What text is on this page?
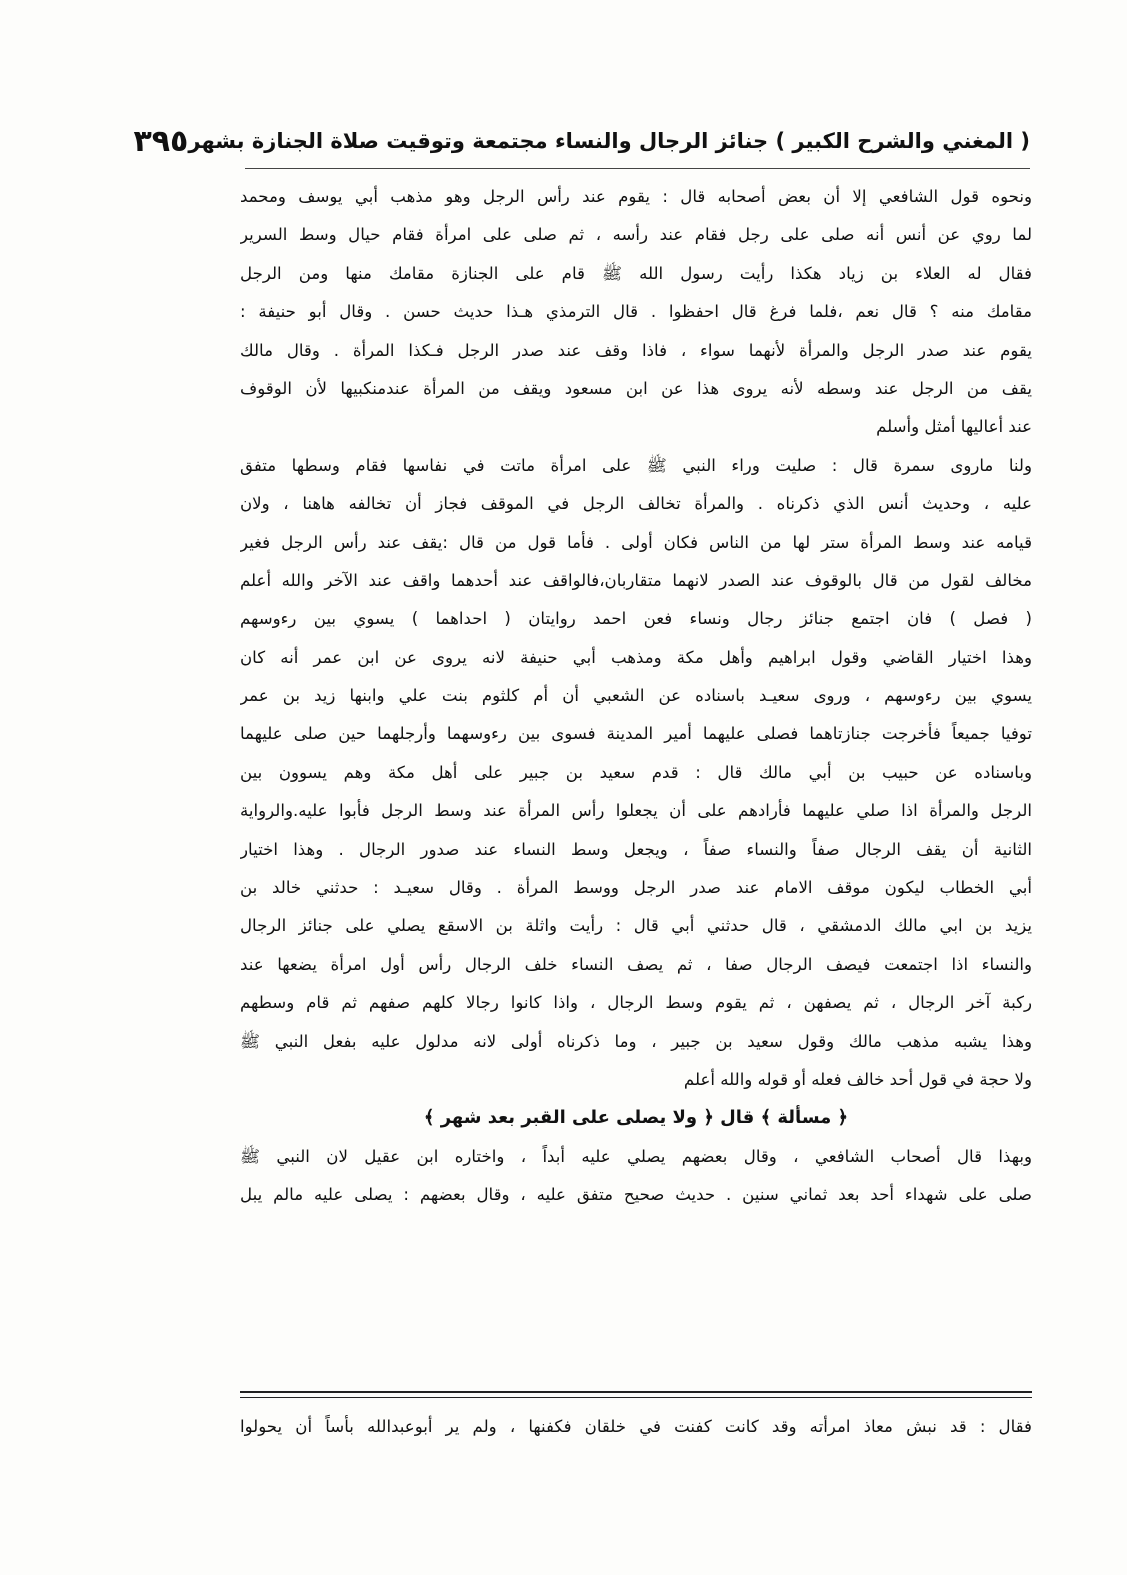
( المغني والشرح الكبير ) جنائز الرجال والنساء مجتمعة وتوقيت صلاة الجنازة بشهر
٣٩٥
ونحوه قول الشافعي إلا أن بعض أصحابه قال : يقوم عند رأس الرجل وهو مذهب أبي يوسف ومحمد
لما روي عن أنس أنه صلى على رجل فقام عند رأسه ، ثم صلى على امرأة فقام حيال وسط السرير
فقال له العلاء بن زياد هكذا رأيت رسول الله ﷺ قام على الجنازة مقامك منها ومن الرجل
مقامك منه ؟ قال نعم ،فلما فرغ قال احفظوا . قال الترمذي هـذا حديث حسن . وقال أبو حنيفة :
يقوم عند صدر الرجل والمرأة لأنهما سواء ، فاذا وقف عند صدر الرجل فـكذا المرأة . وقال مالك
يقف من الرجل عند وسطه لأنه يروى هذا عن ابن مسعود ويقف من المرأة عندمنكبيها لأن الوقوف
عند أعاليها أمثل وأسلم
ولنا ماروى سمرة قال : صليت وراء النبي ﷺ على امرأة ماتت في نفاسها فقام وسطها متفق
عليه ، وحديث أنس الذي ذكرناه . والمرأة تخالف الرجل في الموقف فجاز أن تخالفه هاهنا ، ولان
قيامه عند وسط المرأة ستر لها من الناس فكان أولى . فأما قول من قال :يقف عند رأس الرجل فغير
مخالف لقول من قال بالوقوف عند الصدر لانهما متقاربان،فالواقف عند أحدهما واقف عند الآخر والله أعلم
( فصل ) فان اجتمع جنائز رجال ونساء فعن احمد روايتان ( احداهما ) يسوي بين رءوسهم
وهذا اختيار القاضي وقول ابراهيم وأهل مكة ومذهب أبي حنيفة لانه يروى عن ابن عمر أنه كان
يسوي بين رءوسهم ، وروى سعيـد باسناده عن الشعبي أن أم كلثوم بنت علي وابنها زيد بن عمر
توفيا جميعاً فأخرجت جنازتاهما فصلى عليهما أمير المدينة فسوى بين رءوسهما وأرجلهما حين صلى عليهما
وباسناده عن حبيب بن أبي مالك قال : قدم سعيد بن جبير على أهل مكة وهم يسوون بين
الرجل والمرأة اذا صلي عليهما فأرادهم على أن يجعلوا رأس المرأة عند وسط الرجل فأبوا عليه.والرواية
الثانية أن يقف الرجال صفاً والنساء صفاً ، ويجعل وسط النساء عند صدور الرجال . وهذا اختيار
أبي الخطاب ليكون موقف الامام عند صدر الرجل ووسط المرأة . وقال سعيـد : حدثني خالد بن
يزيد بن ابي مالك الدمشقي ، قال حدثني أبي قال : رأيت واثلة بن الاسقع يصلي على جنائز الرجال
والنساء اذا اجتمعت فيصف الرجال صفا ، ثم يصف النساء خلف الرجال رأس أول امرأة يضعها عند
ركبة آخر الرجال ، ثم يصفهن ، ثم يقوم وسط الرجال ، واذا كانوا رجالا كلهم صفهم ثم قام وسطهم
وهذا يشبه مذهب مالك وقول سعيد بن جبير ، وما ذكرناه أولى لانه مدلول عليه بفعل النبي ﷺ
ولا حجة في قول أحد خالف فعله أو قوله والله أعلم
﴿ مسألة ﴾ قال ﴿ ولا يصلى على القبر بعد شهر ﴾
وبهذا قال أصحاب الشافعي ، وقال بعضهم يصلي عليه أبداً ، واختاره ابن عقيل لان النبي ﷺ
صلى على شهداء أحد بعد ثماني سنين . حديث صحيح متفق عليه ، وقال بعضهم : يصلى عليه مالم يبل
فقال : قد نبش معاذ امرأته وقد كانت كفنت في خلقان فكفنها ، ولم ير أبوعبدالله بأساً أن يحولوا
